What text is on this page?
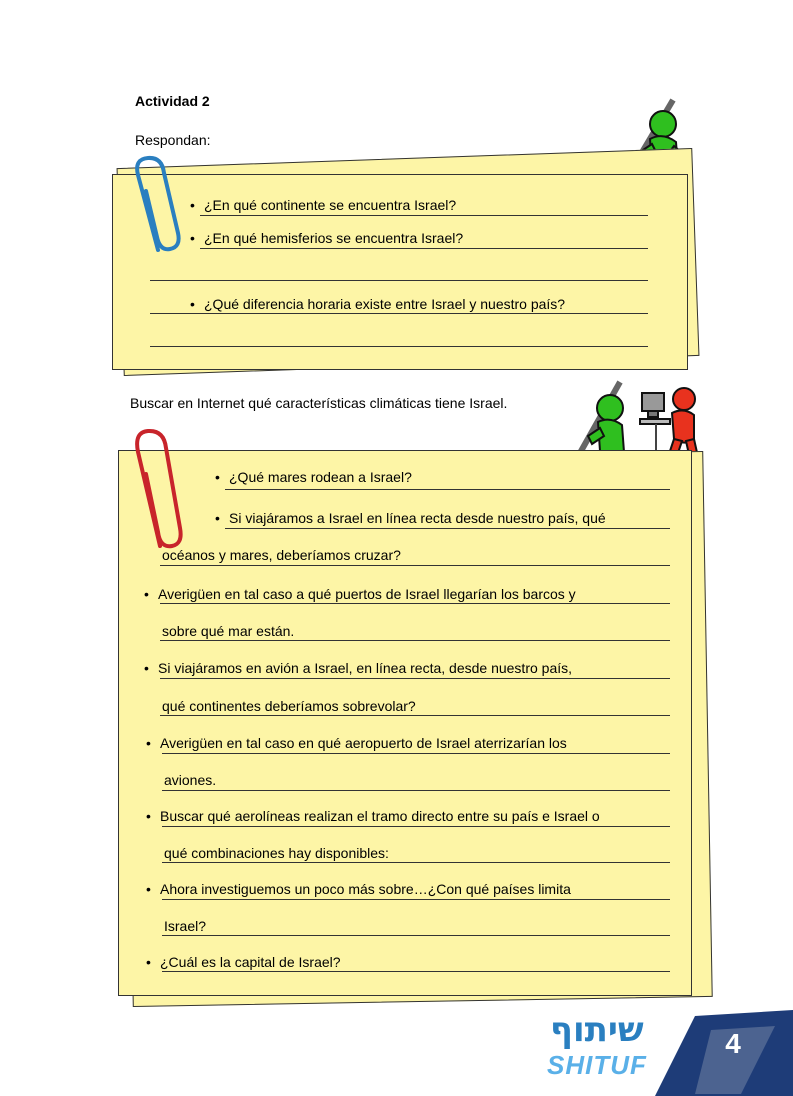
Actividad 2
Respondan:
• ¿En qué continente se encuentra Israel?
• ¿En qué hemisferios se encuentra Israel?
• ¿Qué diferencia horaria existe entre Israel y nuestro país?
Buscar en Internet qué características climáticas tiene Israel.
• ¿Qué mares rodean a Israel?
• Si viajáramos a Israel en línea recta desde nuestro país, qué
océanos y mares, deberíamos cruzar?
• Averigüen en tal caso a qué puertos de Israel llegarían los barcos y
sobre qué mar están.
• Si viajáramos en avión a Israel, en línea recta, desde nuestro país,
qué continentes deberíamos sobrevolar?
• Averigüen en tal caso en qué aeropuerto de Israel aterrizarían los
aviones.
• Buscar qué aerolíneas realizan el tramo directo entre su país e Israel o
qué combinaciones hay disponibles:
• Ahora investiguemos un poco más sobre…¿Con qué países limita
Israel?
• ¿Cuál es la capital de Israel?
שיתוף
SHITUF
4
